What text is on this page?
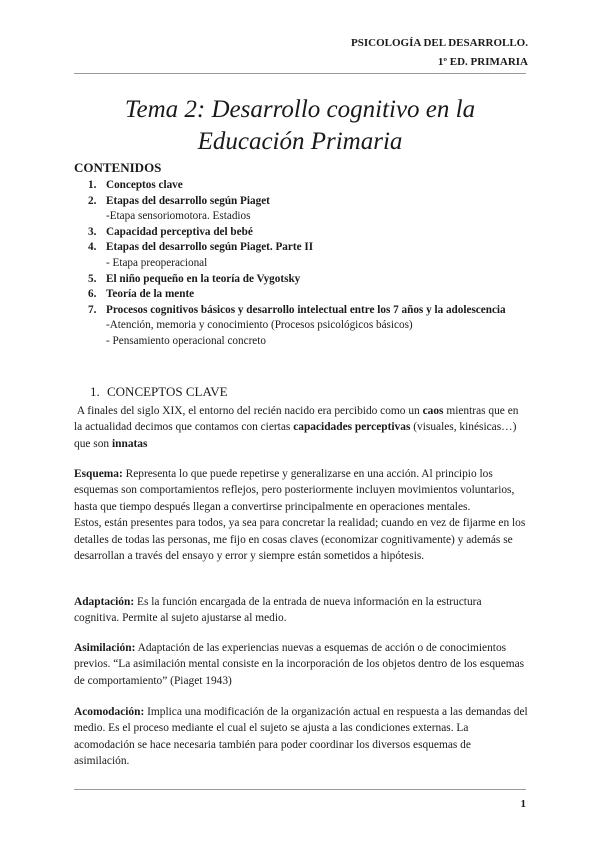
PSICOLOGÍA DEL DESARROLLO.
1º ED. PRIMARIA
Tema 2: Desarrollo cognitivo en la
Educación Primaria
CONTENIDOS
1. Conceptos clave
2. Etapas del desarrollo según Piaget
-Etapa sensoriomotora. Estadios
3. Capacidad perceptiva del bebé
4. Etapas del desarrollo según Piaget. Parte II
- Etapa preoperacional
5. El niño pequeño en la teoría de Vygotsky
6. Teoría de la mente
7. Procesos cognitivos básicos y desarrollo intelectual entre los 7 años y la adolescencia
-Atención, memoria y conocimiento (Procesos psicológicos básicos)
- Pensamiento operacional concreto
1. CONCEPTOS CLAVE
A finales del siglo XIX, el entorno del recién nacido era percibido como un caos mientras que en la actualidad decimos que contamos con ciertas capacidades perceptivas (visuales, kinésicas…) que son innatas
Esquema: Representa lo que puede repetirse y generalizarse en una acción. Al principio los esquemas son comportamientos reflejos, pero posteriormente incluyen movimientos voluntarios, hasta que tiempo después llegan a convertirse principalmente en operaciones mentales.
Estos, están presentes para todos, ya sea para concretar la realidad; cuando en vez de fijarme en los detalles de todas las personas, me fijo en cosas claves (economizar cognitivamente) y además se desarrollan a través del ensayo y error y siempre están sometidos a hipótesis.
Adaptación: Es la función encargada de la entrada de nueva información en la estructura cognitiva. Permite al sujeto ajustarse al medio.
Asimilación: Adaptación de las experiencias nuevas a esquemas de acción o de conocimientos previos. “La asimilación mental consiste en la incorporación de los objetos dentro de los esquemas de comportamiento” (Piaget 1943)
Acomodación: Implica una modificación de la organización actual en respuesta a las demandas del medio. Es el proceso mediante el cual el sujeto se ajusta a las condiciones externas. La acomodación se hace necesaria también para poder coordinar los diversos esquemas de asimilación.
1
